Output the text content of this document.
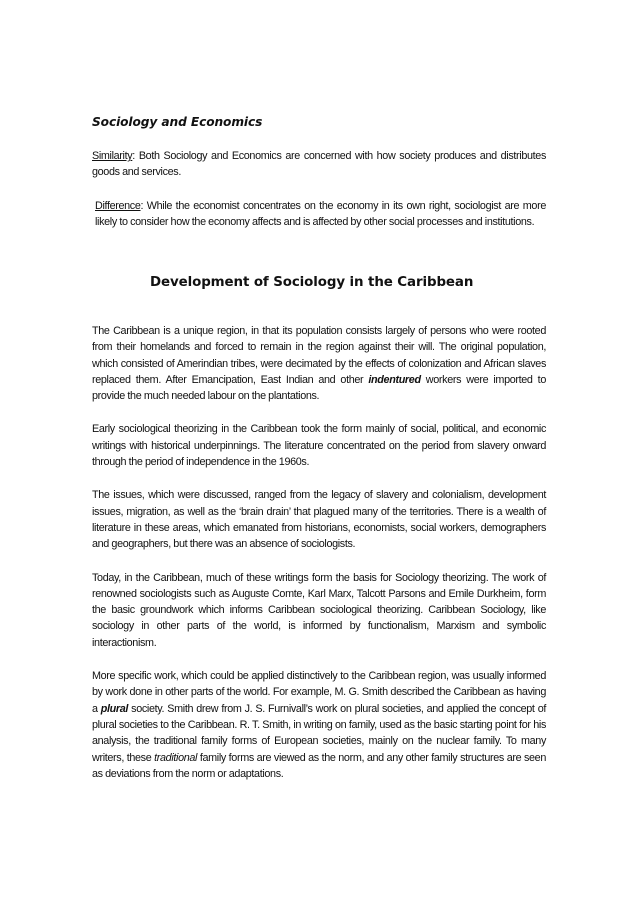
Sociology and Economics

Similarity: Both Sociology and Economics are concerned with how society produces and distributes goods and services.

Difference: While the economist concentrates on the economy in its own right, sociologist are more likely to consider how the economy affects and is affected by other social processes and institutions.

Development of Sociology in the Caribbean

The Caribbean is a unique region, in that its population consists largely of persons who were rooted from their homelands and forced to remain in the region against their will. The original population, which consisted of Amerindian tribes, were decimated by the effects of colonization and African slaves replaced them. After Emancipation, East Indian and other indentured workers were imported to provide the much needed labour on the plantations.

Early sociological theorizing in the Caribbean took the form mainly of social, political, and economic writings with historical underpinnings. The literature concentrated on the period from slavery onward through the period of independence in the 1960s.

The issues, which were discussed, ranged from the legacy of slavery and colonialism, development issues, migration, as well as the ‘brain drain’ that plagued many of the territories. There is a wealth of literature in these areas, which emanated from historians, economists, social workers, demographers and geographers, but there was an absence of sociologists.

Today, in the Caribbean, much of these writings form the basis for Sociology theorizing. The work of renowned sociologists such as Auguste Comte, Karl Marx, Talcott Parsons and Emile Durkheim, form the basic groundwork which informs Caribbean sociological theorizing. Caribbean Sociology, like sociology in other parts of the world, is informed by functionalism, Marxism and symbolic interactionism.

More specific work, which could be applied distinctively to the Caribbean region, was usually informed by work done in other parts of the world. For example, M. G. Smith described the Caribbean as having a plural society. Smith drew from J. S. Furnivall’s work on plural societies, and applied the concept of plural societies to the Caribbean. R. T. Smith, in writing on family, used as the basic starting point for his analysis, the traditional family forms of European societies, mainly on the nuclear family. To many writers, these traditional family forms are viewed as the norm, and any other family structures are seen as deviations from the norm or adaptations.
